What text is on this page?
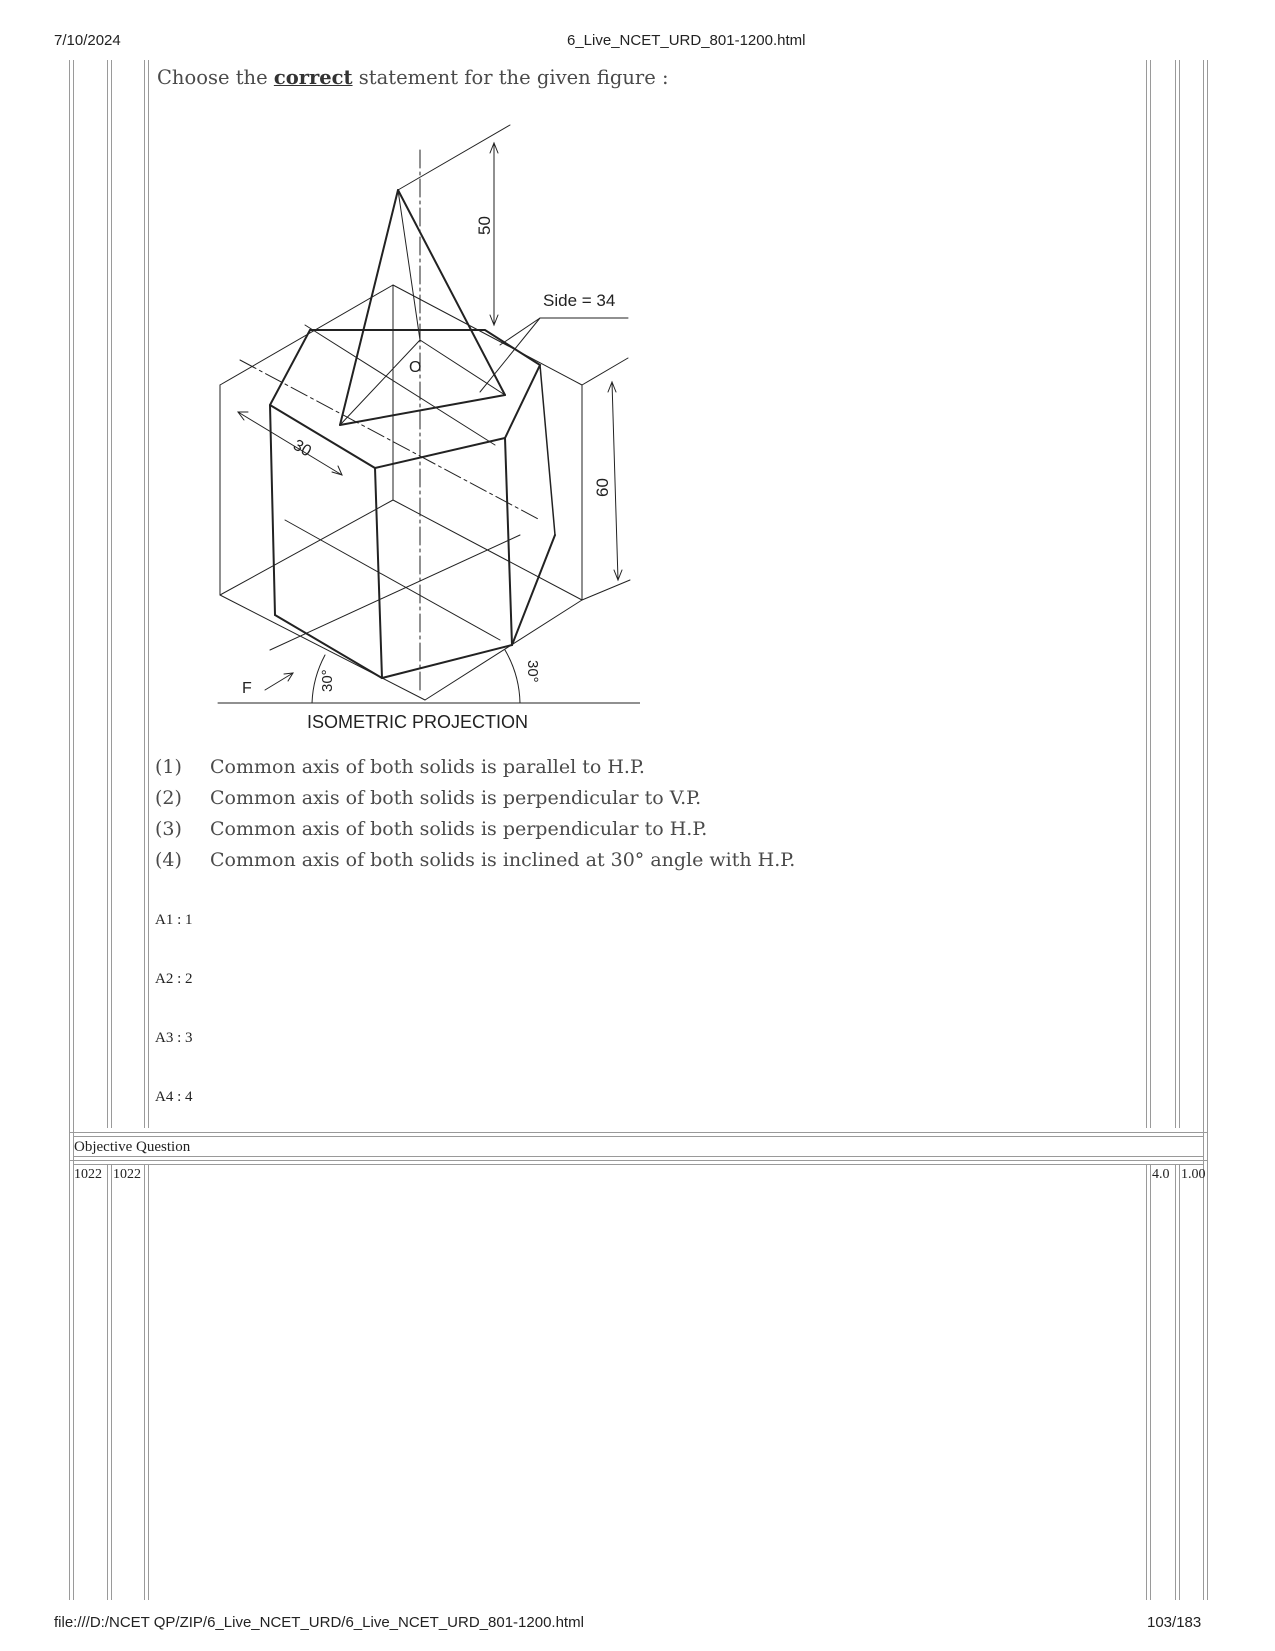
7/10/2024	6_Live_NCET_URD_801-1200.html
Choose the correct statement for the given figure :
50
Side = 34
O
30
60
F	30°	30°
ISOMETRIC PROJECTION
(1) Common axis of both solids is parallel to H.P.
(2) Common axis of both solids is perpendicular to V.P.
(3) Common axis of both solids is perpendicular to H.P.
(4) Common axis of both solids is inclined at 30° angle with H.P.
A1 : 1
A2 : 2
A3 : 3
A4 : 4
Objective Question
1022 1022	4.0 1.00
file:///D:/NCET QP/ZIP/6_Live_NCET_URD/6_Live_NCET_URD_801-1200.html	103/183
